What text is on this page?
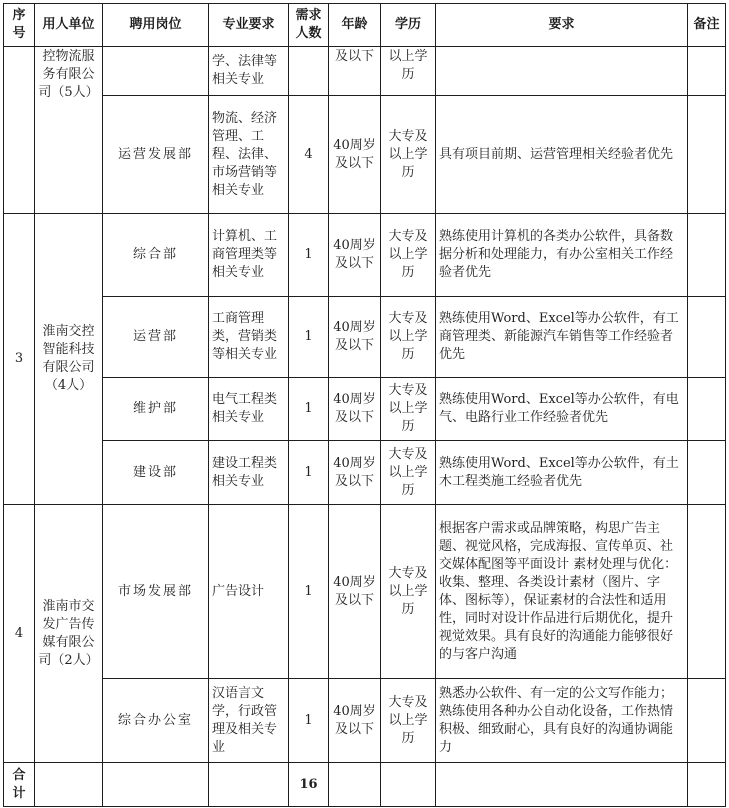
序号	用人单位	聘用岗位	专业要求	需求人数	年龄	学历	要求	备注
	控物流服务有限公司（5人）		学、法律等相关专业		及以下	以上学历		
		运营发展部	物流、经济管理、工程、法律、市场营销等相关专业	4	40周岁及以下	大专及以上学历	具有项目前期、运营管理相关经验者优先	
3	淮南交控智能科技有限公司（4人）	综合部	计算机、工商管理类等相关专业	1	40周岁及以下	大专及以上学历	熟练使用计算机的各类办公软件，具备数据分析和处理能力，有办公室相关工作经验者优先	
		运营部	工商管理类，营销类等相关专业	1	40周岁及以下	大专及以上学历	熟练使用Word、Excel等办公软件，有工商管理类、新能源汽车销售等工作经验者优先	
		维护部	电气工程类相关专业	1	40周岁及以下	大专及以上学历	熟练使用Word、Excel等办公软件，有电气、电路行业工作经验者优先	
		建设部	建设工程类相关专业	1	40周岁及以下	大专及以上学历	熟练使用Word、Excel等办公软件，有土木工程类施工经验者优先	
4	淮南市交发广告传媒有限公司（2人）	市场发展部	广告设计	1	40周岁及以下	大专及以上学历	根据客户需求或品牌策略，构思广告主题、视觉风格，完成海报、宣传单页、社交媒体配图等平面设计 素材处理与优化：收集、整理、各类设计素材（图片、字体、图标等），保证素材的合法性和适用性，同时对设计作品进行后期优化，提升视觉效果。具有良好的沟通能力能够很好的与客户沟通	
		综合办公室	汉语言文学，行政管理及相关专业	1	40周岁及以下	大专及以上学历	熟悉办公软件、有一定的公文写作能力；熟练使用各种办公自动化设备，工作热情积极、细致耐心，具有良好的沟通协调能力	
合计				16				
